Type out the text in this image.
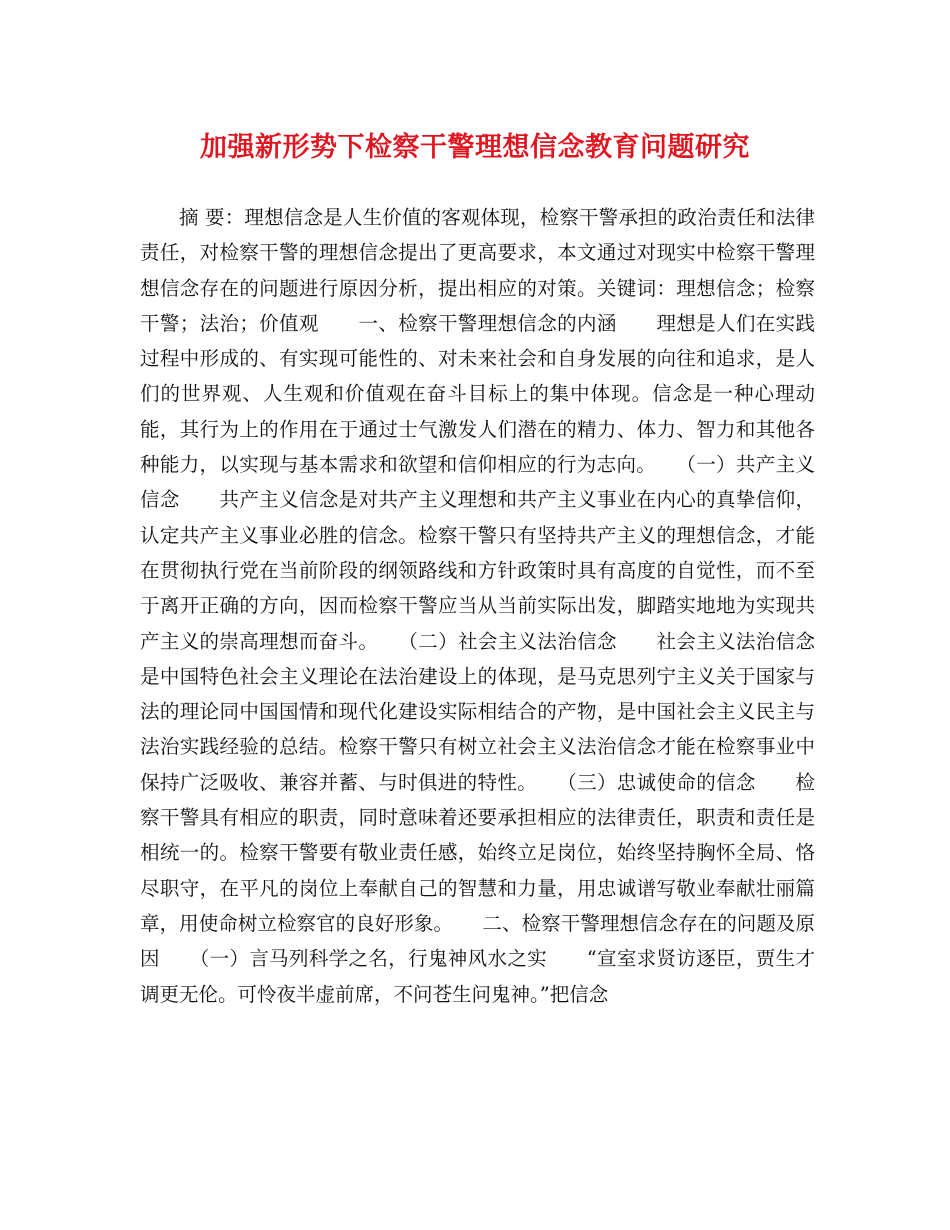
加强新形势下检察干警理想信念教育问题研究

摘 要：理想信念是人生价值的客观体现，检察干警承担的政治责任和法律责任，对检察干警的理想信念提出了更高要求，本文通过对现实中检察干警理想信念存在的问题进行原因分析，提出相应的对策。关键词：理想信念；检察干警；法治；价值观　　一、检察干警理想信念的内涵　　理想是人们在实践过程中形成的、有实现可能性的、对未来社会和自身发展的向往和追求，是人们的世界观、人生观和价值观在奋斗目标上的集中体现。信念是一种心理动能，其行为上的作用在于通过士气激发人们潜在的精力、体力、智力和其他各种能力，以实现与基本需求和欲望和信仰相应的行为志向。　　（一）共产主义信念　　共产主义信念是对共产主义理想和共产主义事业在内心的真挚信仰，认定共产主义事业必胜的信念。检察干警只有坚持共产主义的理想信念，才能在贯彻执行党在当前阶段的纲领路线和方针政策时具有高度的自觉性，而不至于离开正确的方向，因而检察干警应当从当前实际出发，脚踏实地地为实现共产主义的崇高理想而奋斗。　　（二）社会主义法治信念　　社会主义法治信念是中国特色社会主义理论在法治建设上的体现，是马克思列宁主义关于国家与法的理论同中国国情和现代化建设实际相结合的产物，是中国社会主义民主与法治实践经验的总结。检察干警只有树立社会主义法治信念才能在检察事业中保持广泛吸收、兼容并蓄、与时俱进的特性。　　（三）忠诚使命的信念　　检察干警具有相应的职责，同时意味着还要承担相应的法律责任，职责和责任是相统一的。检察干警要有敬业责任感，始终立足岗位，始终坚持胸怀全局、恪尽职守，在平凡的岗位上奉献自己的智慧和力量，用忠诚谱写敬业奉献壮丽篇章，用使命树立检察官的良好形象。　　二、检察干警理想信念存在的问题及原因　　（一）言马列科学之名，行鬼神风水之实　　“宣室求贤访逐臣，贾生才调更无伦。可怜夜半虚前席，不问苍生问鬼神。”把信念
